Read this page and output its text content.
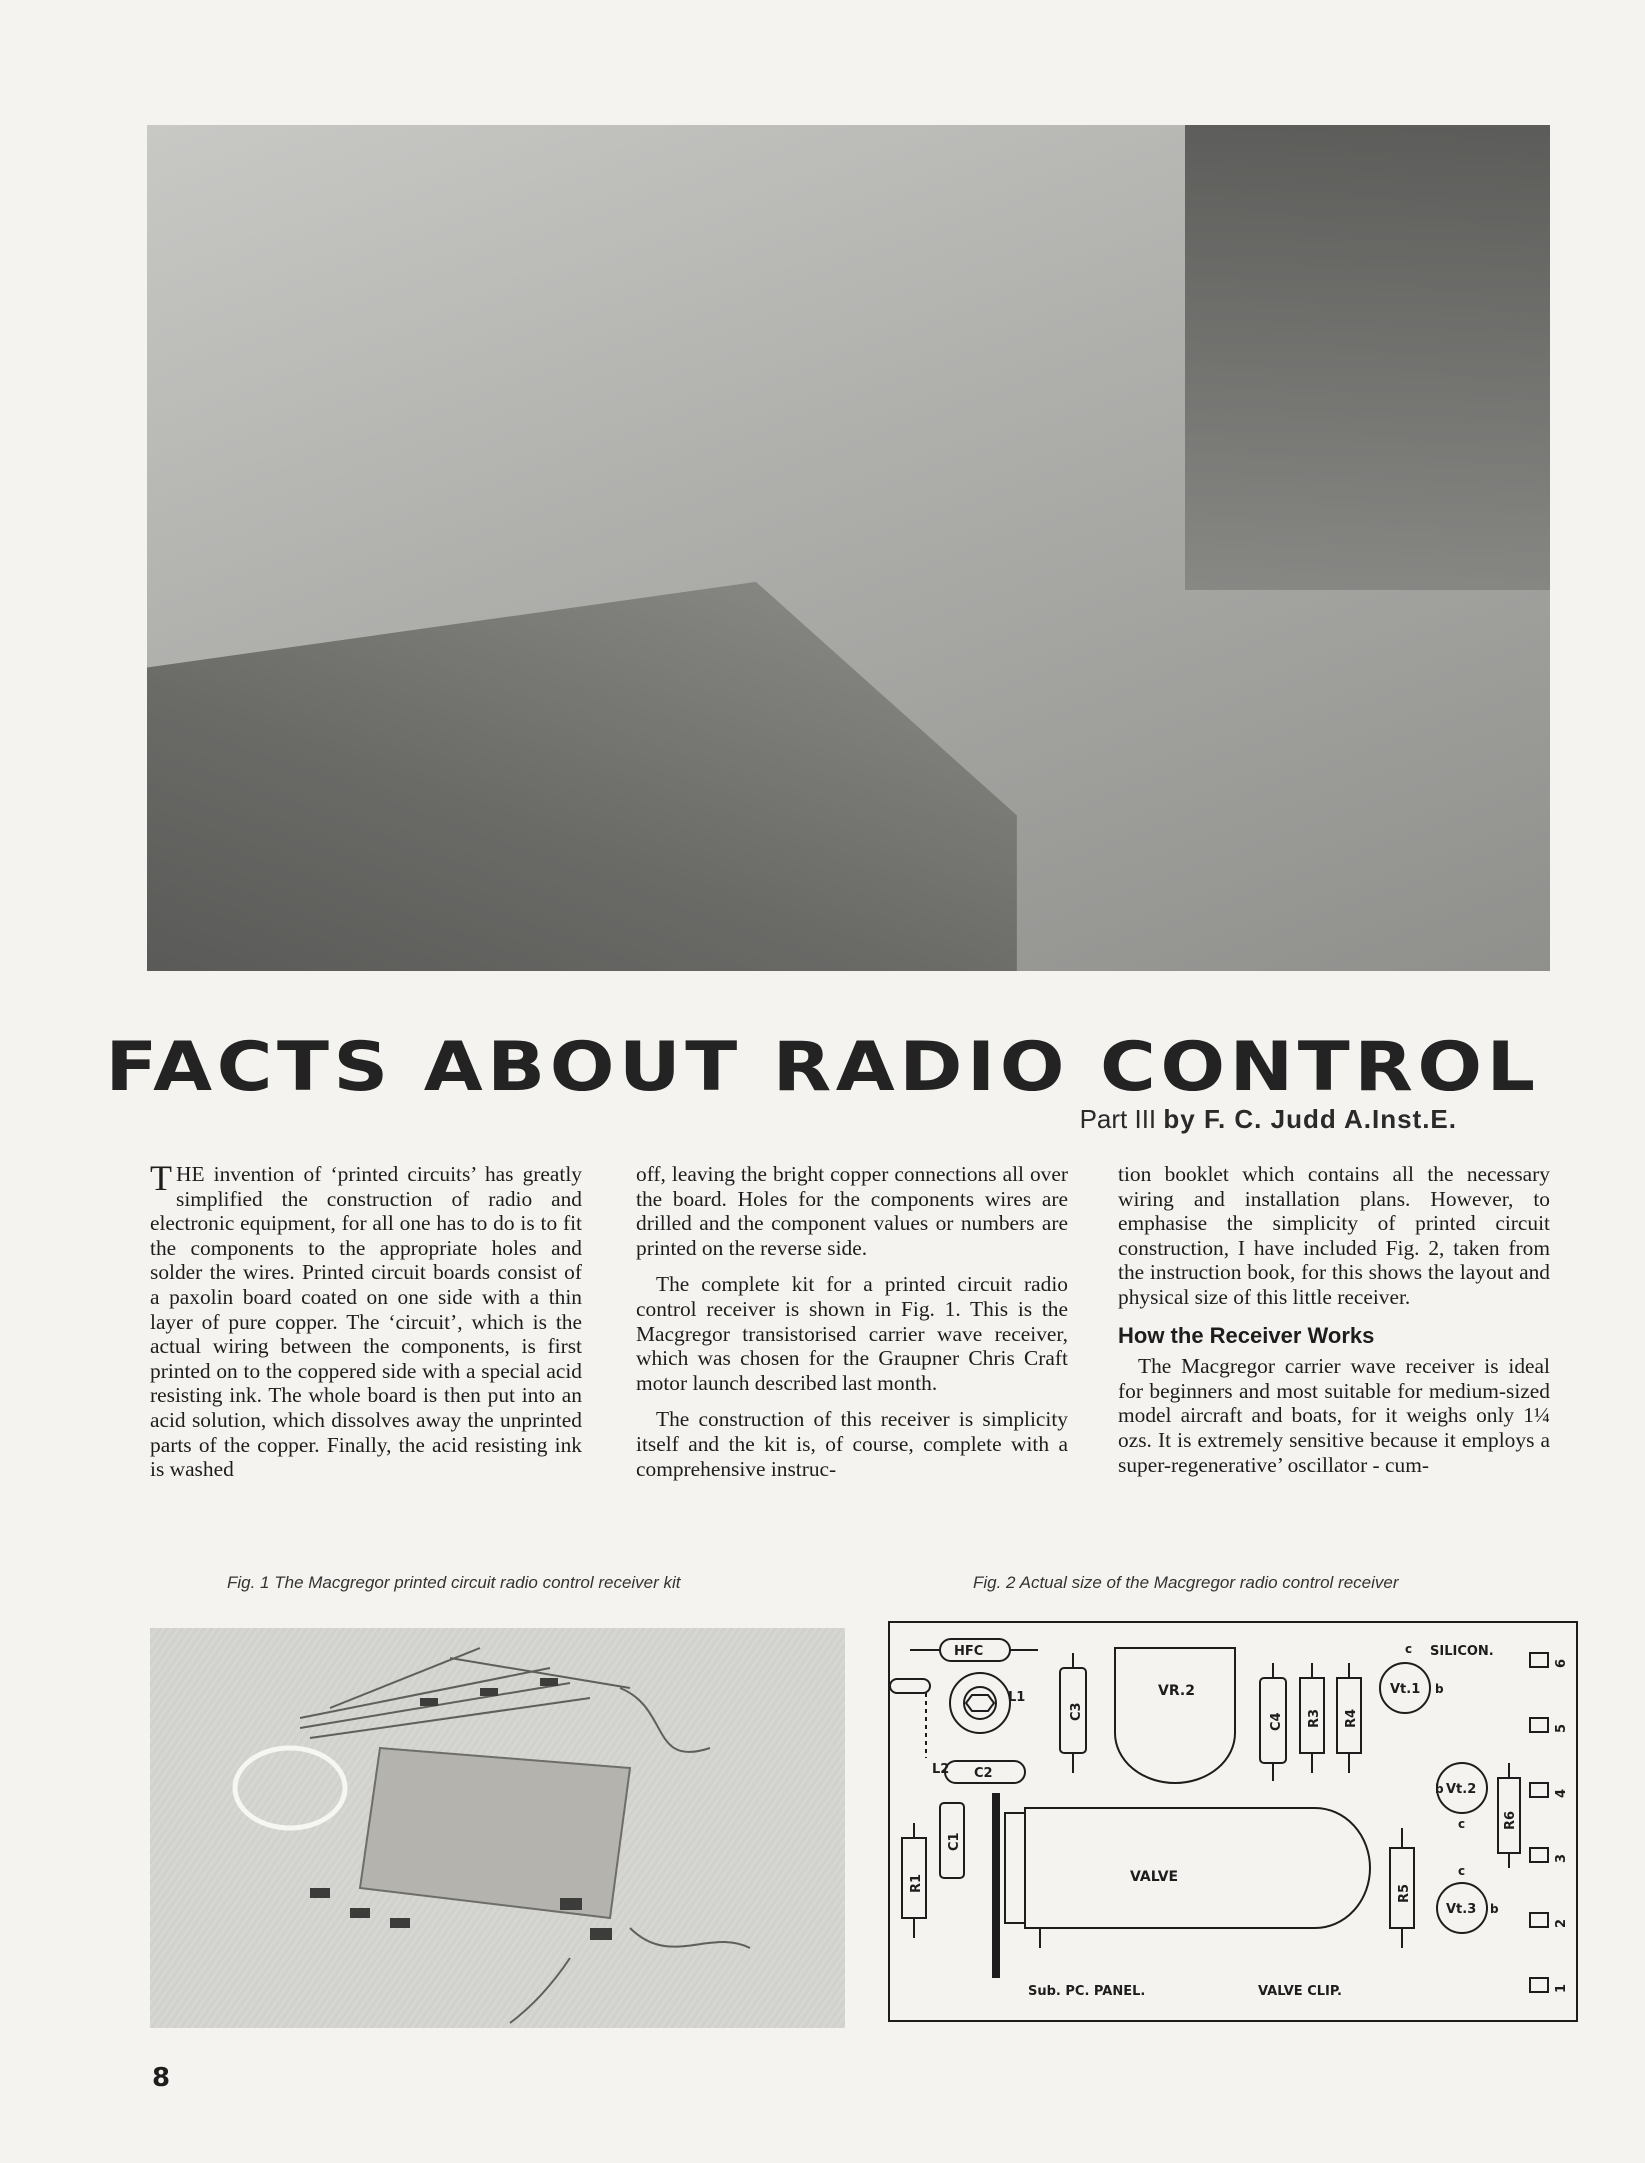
FACTS ABOUT RADIO CONTROL
Part III by F. C. Judd A.Inst.E.

THE invention of ‘printed circuits’ has greatly simplified the construction of radio and electronic equipment, for all one has to do is to fit the components to the appropriate holes and solder the wires. Printed circuit boards consist of a paxolin board coated on one side with a thin layer of pure copper. The ‘circuit’, which is the actual wiring between the components, is first printed on to the coppered side with a special acid resisting ink. The whole board is then put into an acid solution, which dissolves away the unprinted parts of the copper. Finally, the acid resisting ink is washed

off, leaving the bright copper connections all over the board. Holes for the components wires are drilled and the component values or numbers are printed on the reverse side.

The complete kit for a printed circuit radio control receiver is shown in Fig. 1. This is the Macgregor transistorised carrier wave receiver, which was chosen for the Graupner Chris Craft motor launch described last month.

The construction of this receiver is simplicity itself and the kit is, of course, complete with a comprehensive instruc-

tion booklet which contains all the necessary wiring and installation plans. However, to emphasise the simplicity of printed circuit construction, I have included Fig. 2, taken from the instruction book, for this shows the layout and physical size of this little receiver.

How the Receiver Works

The Macgregor carrier wave receiver is ideal for beginners and most suitable for medium-sized model aircraft and boats, for it weighs only 1¼ ozs. It is extremely sensitive because it employs a super-regenerative’ oscillator - cum-

Fig. 1 The Macgregor printed circuit radio control receiver kit	Fig. 2 Actual size of the Macgregor radio control receiver
HFC
L1
L2 C2
C3
VR.2
C4 R3 R4
SILICON.
Vt.1
Vt.2
Vt.3
R6
C1
R1	VALVE
R5
Sub. PC. PANEL.	VALVE CLIP.
c
b
b
c
c
b
6
5
4
3
2
1
8
